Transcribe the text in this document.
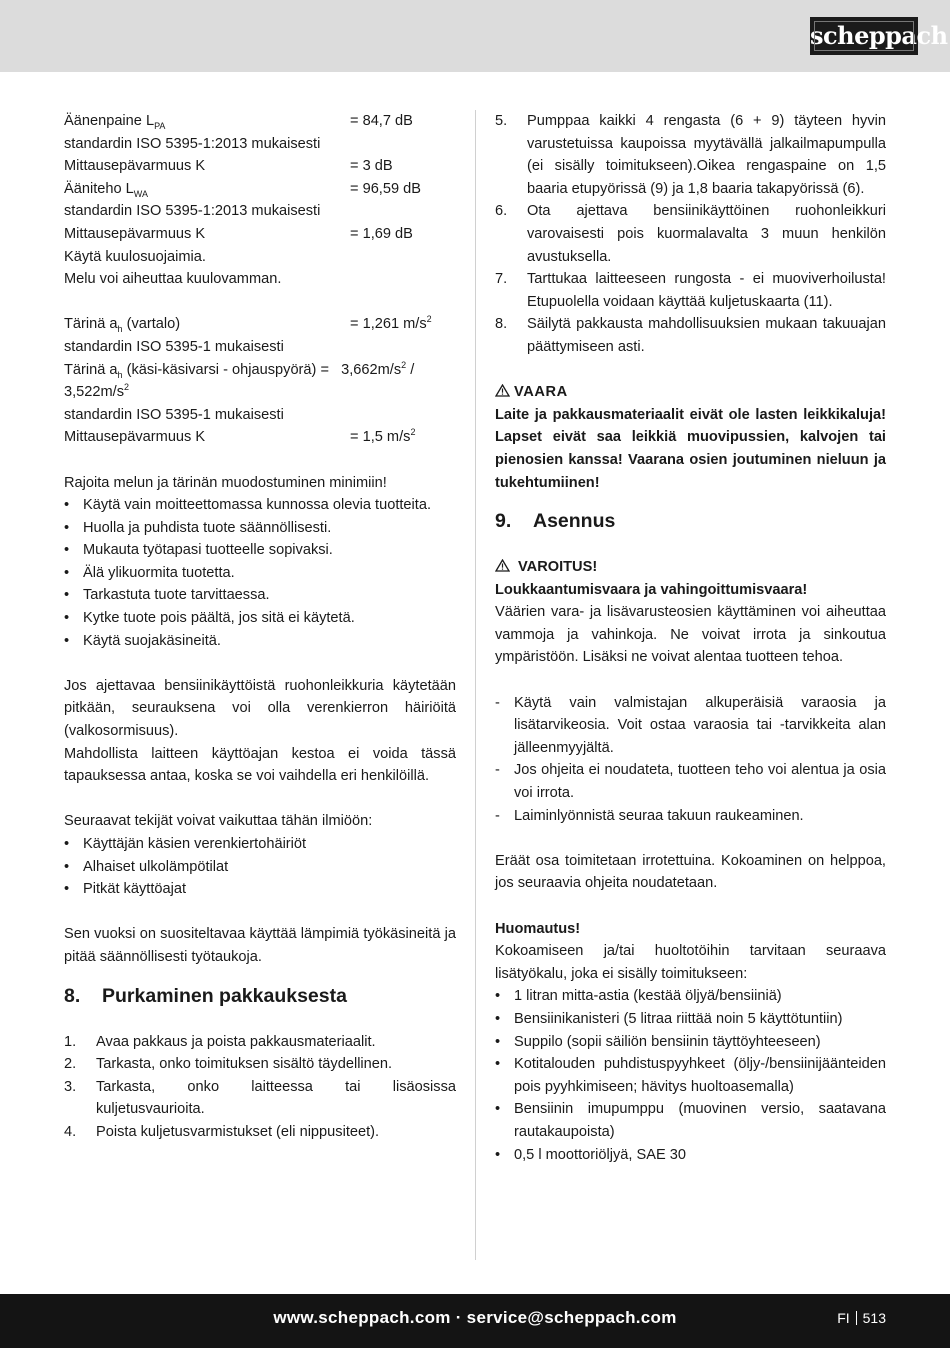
scheppach
Äänenpaine $L_{PA}$	= 84,7 dB
standardin ISO 5395-1:2013 mukaisesti
Mittausepävarmuus K	= 3 dB
Ääniteho $L_{WA}$	= 96,59 dB
standardin ISO 5395-1:2013 mukaisesti
Mittausepävarmuus K	= 1,69 dB
Käytä kuulosuojaimia.
Melu voi aiheuttaa kuulovamman.
Tärinä $a_h$ (vartalo)	= 1,261 $m/s^2$
standardin ISO 5395-1 mukaisesti
Tärinä $a_h$ (käsi-käsivarsi - ohjauspyörä) =   $3,662m/s^2$ /
$3,522m/s^2$
standardin ISO 5395-1 mukaisesti
Mittausepävarmuus K	= 1,5 $m/s^2$
Rajoita melun ja tärinän muodostuminen minimiin!
• Käytä vain moitteettomassa kunnossa olevia tuotteita.
• Huolla ja puhdista tuote säännöllisesti.
• Mukauta työtapasi tuotteelle sopivaksi.
• Älä ylikuormita tuotetta.
• Tarkastuta tuote tarvittaessa.
• Kytke tuote pois päältä, jos sitä ei käytetä.
• Käytä suojakäsineitä.
Jos ajettavaa bensiinikäyttöistä ruohonleikkuria käytetään pitkään, seurauksena voi olla verenkierron häiriöitä (valkosormisuus).
Mahdollista laitteen käyttöajan kestoa ei voida tässä tapauksessa antaa, koska se voi vaihdella eri henkilöillä.
Seuraavat tekijät voivat vaikuttaa tähän ilmiöön:
• Käyttäjän käsien verenkiertohäiriöt
• Alhaiset ulkolämpötilat
• Pitkät käyttöajat
Sen vuoksi on suositeltavaa käyttää lämpimiä työkäsineitä ja pitää säännöllisesti työtaukoja.
8. Purkaminen pakkauksesta
1. Avaa pakkaus ja poista pakkausmateriaalit.
2. Tarkasta, onko toimituksen sisältö täydellinen.
3. Tarkasta, onko laitteessa tai lisäosissa kuljetusvaurioita.
4. Poista kuljetusvarmistukset (eli nippusiteet).
5. Pumppaa kaikki 4 rengasta (6 + 9) täyteen hyvin varustetuissa kaupoissa myytävällä jalkailmapumpulla (ei sisälly toimitukseen).Oikea rengaspaine on 1,5 baaria etupyörissä (9) ja 1,8 baaria takapyörissä (6).
6. Ota ajettava bensiinikäyttöinen ruohonleikkuri varovaisesti pois kuormalavalta 3 muun henkilön avustuksella.
7. Tarttukaa laitteeseen rungosta - ei muoviverhoilusta! Etupuolella voidaan käyttää kuljetuskaarta (11).
8. Säilytä pakkausta mahdollisuuksien mukaan takuuajan päättymiseen asti.
VAARA
Laite ja pakkausmateriaalit eivät ole lasten leikkikaluja! Lapset eivät saa leikkiä muovipussien, kalvojen tai pienosien kanssa! Vaarana osien joutuminen nieluun ja tukehtumiinen!
9. Asennus
VAROITUS!
Loukkaantumisvaara ja vahingoittumisvaara!
Väärien vara- ja lisävarusteosien käyttäminen voi aiheuttaa vammoja ja vahinkoja. Ne voivat irrota ja sinkoutua ympäristöön. Lisäksi ne voivat alentaa tuotteen tehoa.
- Käytä vain valmistajan alkuperäisiä varaosia ja lisätarvikeosia. Voit ostaa varaosia tai -tarvikkeita alan jälleenmyyjältä.
- Jos ohjeita ei noudateta, tuotteen teho voi alentua ja osia voi irrota.
- Laiminlyönnistä seuraa takuun raukeaminen.
Eräät osa toimitetaan irrotettuina. Kokoaminen on helppoa, jos seuraavia ohjeita noudatetaan.
Huomautus!
Kokoamiseen ja/tai huoltotöihin tarvitaan seuraava lisätyökalu, joka ei sisälly toimitukseen:
• 1 litran mitta-astia (kestää öljyä/bensiiniä)
• Bensiinikanisteri (5 litraa riittää noin 5 käyttötuntiin)
• Suppilo (sopii säiliön bensiinin täyttöyhteeseen)
• Kotitalouden puhdistuspyyhkeet (öljy-/bensiinijäänteiden pois pyyhkimiseen; hävitys huoltoasemalla)
• Bensiinin imupumppu (muovinen versio, saatavana rautakaupoista)
• 0,5 l moottoriöljyä, SAE 30
www.scheppach.com · service@scheppach.com	FI 513
